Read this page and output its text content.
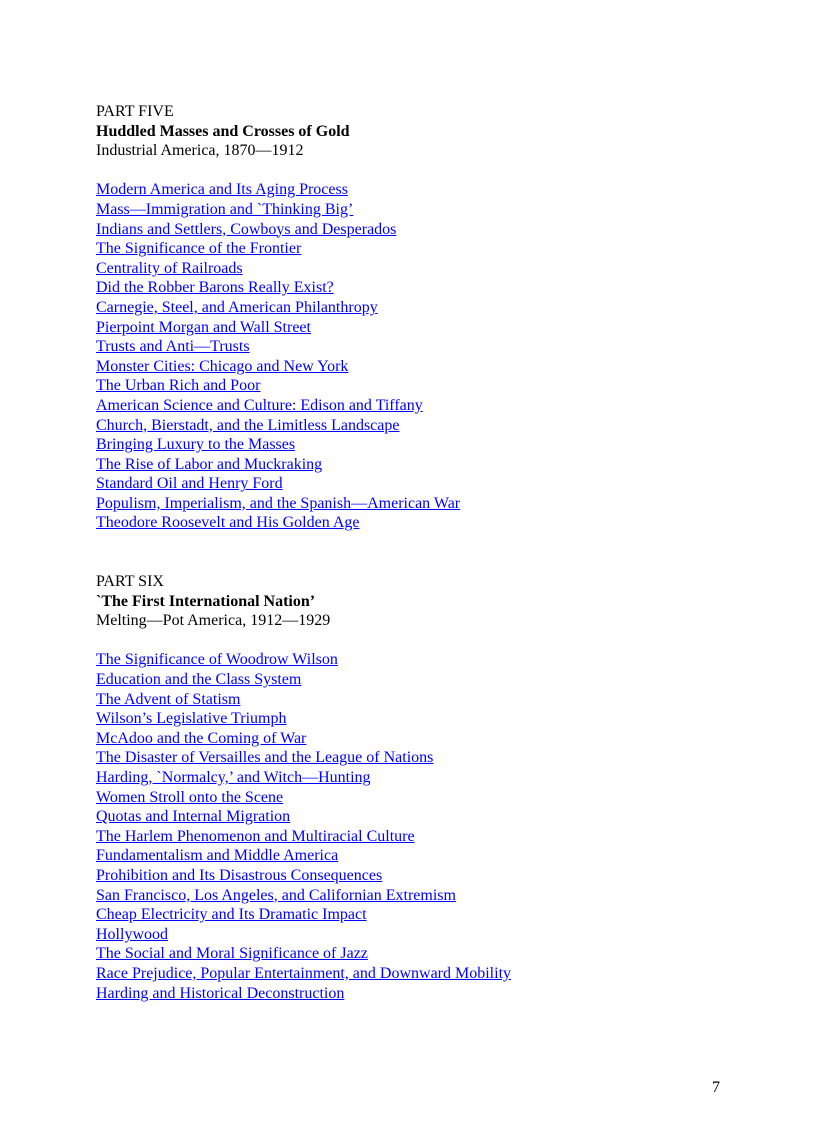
PART FIVE
Huddled Masses and Crosses of Gold
Industrial America, 1870—1912
Modern America and Its Aging Process
Mass—Immigration and `Thinking Big’
Indians and Settlers, Cowboys and Desperados
The Significance of the Frontier
Centrality of Railroads
Did the Robber Barons Really Exist?
Carnegie, Steel, and American Philanthropy
Pierpoint Morgan and Wall Street
Trusts and Anti—Trusts
Monster Cities: Chicago and New York
The Urban Rich and Poor
American Science and Culture: Edison and Tiffany
Church, Bierstadt, and the Limitless Landscape
Bringing Luxury to the Masses
The Rise of Labor and Muckraking
Standard Oil and Henry Ford
Populism, Imperialism, and the Spanish—American War
Theodore Roosevelt and His Golden Age
PART SIX
`The First International Nation’
Melting—Pot America, 1912—1929
The Significance of Woodrow Wilson
Education and the Class System
The Advent of Statism
Wilson’s Legislative Triumph
McAdoo and the Coming of War
The Disaster of Versailles and the League of Nations
Harding, `Normalcy,’ and Witch—Hunting
Women Stroll onto the Scene
Quotas and Internal Migration
The Harlem Phenomenon and Multiracial Culture
Fundamentalism and Middle America
Prohibition and Its Disastrous Consequences
San Francisco, Los Angeles, and Californian Extremism
Cheap Electricity and Its Dramatic Impact
Hollywood
The Social and Moral Significance of Jazz
Race Prejudice, Popular Entertainment, and Downward Mobility
Harding and Historical Deconstruction
7
